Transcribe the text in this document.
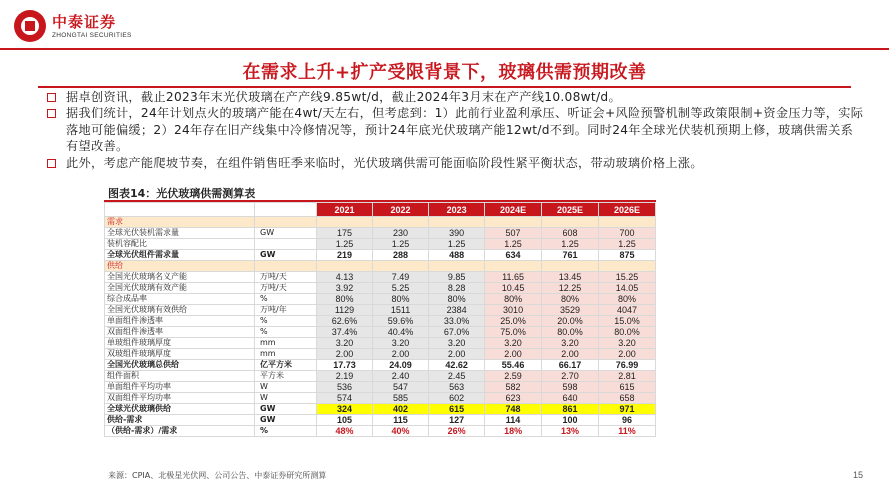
中泰证券
ZHONGTAI SECURITIES
在需求上升+扩产受限背景下，玻璃供需预期改善
据卓创资讯，截止2023年末光伏玻璃在产产线9.85wt/d，截止2024年3月末在产产线10.08wt/d。
据我们统计，24年计划点火的玻璃产能在4wt/天左右，但考虑到：1）此前行业盈利承压、听证会+风险预警机制等政策限制+资金压力等，实际落地可能偏缓；2）24年存在旧产线集中冷修情况等，预计24年底光伏玻璃产能12wt/d不到。同时24年全球光伏装机预期上修，玻璃供需关系有望改善。
此外，考虑产能爬坡节奏，在组件销售旺季来临时，光伏玻璃供需可能面临阶段性紧平衡状态，带动玻璃价格上涨。
图表14：光伏玻璃供需测算表
		2021	2022	2023	2024E	2025E	2026E
需求							
全球光伏装机需求量	GW	175	230	390	507	608	700
装机容配比		1.25	1.25	1.25	1.25	1.25	1.25
全球光伏组件需求量	GW	219	288	488	634	761	875
供给							
全国光伏玻璃名义产能	万吨/天	4.13	7.49	9.85	11.65	13.45	15.25
全国光伏玻璃有效产能	万吨/天	3.92	5.25	8.28	10.45	12.25	14.05
综合成品率	%	80%	80%	80%	80%	80%	80%
全国光伏玻璃有效供给	万吨/年	1129	1511	2384	3010	3529	4047
单面组件渗透率	%	62.6%	59.6%	33.0%	25.0%	20.0%	15.0%
双面组件渗透率	%	37.4%	40.4%	67.0%	75.0%	80.0%	80.0%
单玻组件玻璃厚度	mm	3.20	3.20	3.20	3.20	3.20	3.20
双玻组件玻璃厚度	mm	2.00	2.00	2.00	2.00	2.00	2.00
全国光伏玻璃总供给	亿平方米	17.73	24.09	42.62	55.46	66.17	76.99
组件面积	平方米	2.19	2.40	2.45	2.59	2.70	2.81
单面组件平均功率	W	536	547	563	582	598	615
双面组件平均功率	W	574	585	602	623	640	658
全球光伏玻璃供给	GW	324	402	615	748	861	971
供给-需求	GW	105	115	127	114	100	96
（供给-需求）/需求	%	48%	40%	26%	18%	13%	11%
来源：CPIA、北极星光伏网、公司公告、中泰证券研究所测算	15
